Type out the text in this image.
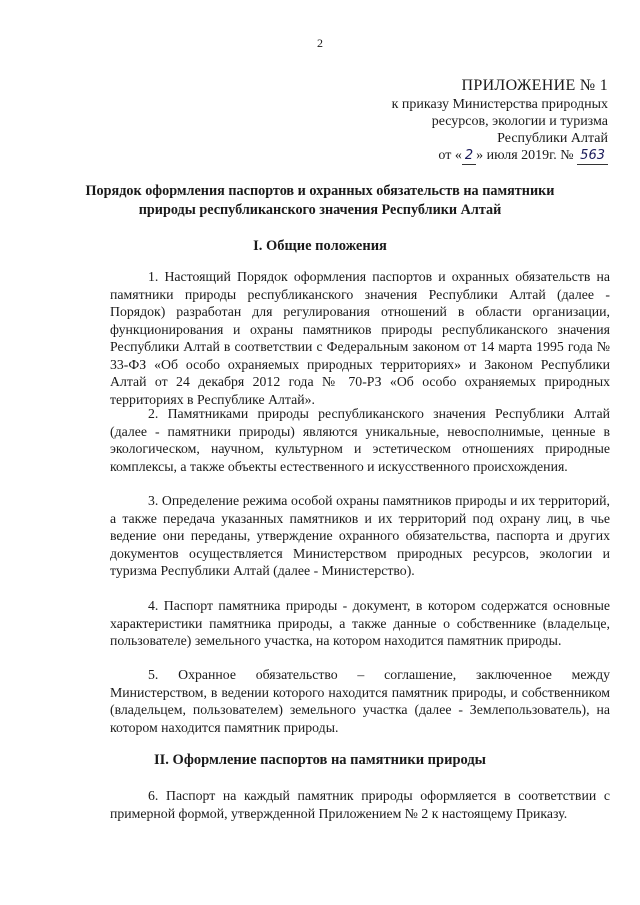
2
ПРИЛОЖЕНИЕ № 1
к приказу Министерства природных
ресурсов, экологии и туризма
Республики Алтай
от « 2 » июля 2019г. № 563
Порядок оформления паспортов и охранных обязательств на памятники природы республиканского значения Республики Алтай
I. Общие положения

1. Настоящий Порядок оформления паспортов и охранных обязательств на памятники природы республиканского значения Республики Алтай (далее - Порядок) разработан для регулирования отношений в области организации, функционирования и охраны памятников природы республиканского значения Республики Алтай в соответствии с Федеральным законом от 14 марта 1995 года № 33-ФЗ «Об особо охраняемых природных территориях» и Законом Республики Алтай от 24 декабря 2012 года № 70-РЗ «Об особо охраняемых природных территориях в Республике Алтай».

2. Памятниками природы республиканского значения Республики Алтай (далее - памятники природы) являются уникальные, невосполнимые, ценные в экологическом, научном, культурном и эстетическом отношениях природные комплексы, а также объекты естественного и искусственного происхождения.

3. Определение режима особой охраны памятников природы и их территорий, а также передача указанных памятников и их территорий под охрану лиц, в чье ведение они переданы, утверждение охранного обязательства, паспорта и других документов осуществляется Министерством природных ресурсов, экологии и туризма Республики Алтай (далее - Министерство).

4. Паспорт памятника природы - документ, в котором содержатся основные характеристики памятника природы, а также данные о собственнике (владельце, пользователе) земельного участка, на котором находится памятник природы.

5. Охранное обязательство – соглашение, заключенное между Министерством, в ведении которого находится памятник природы, и собственником (владельцем, пользователем) земельного участка (далее - Землепользователь), на котором находится памятник природы.

II. Оформление паспортов на памятники природы

6. Паспорт на каждый памятник природы оформляется в соответствии с примерной формой, утвержденной Приложением № 2 к настоящему Приказу.
